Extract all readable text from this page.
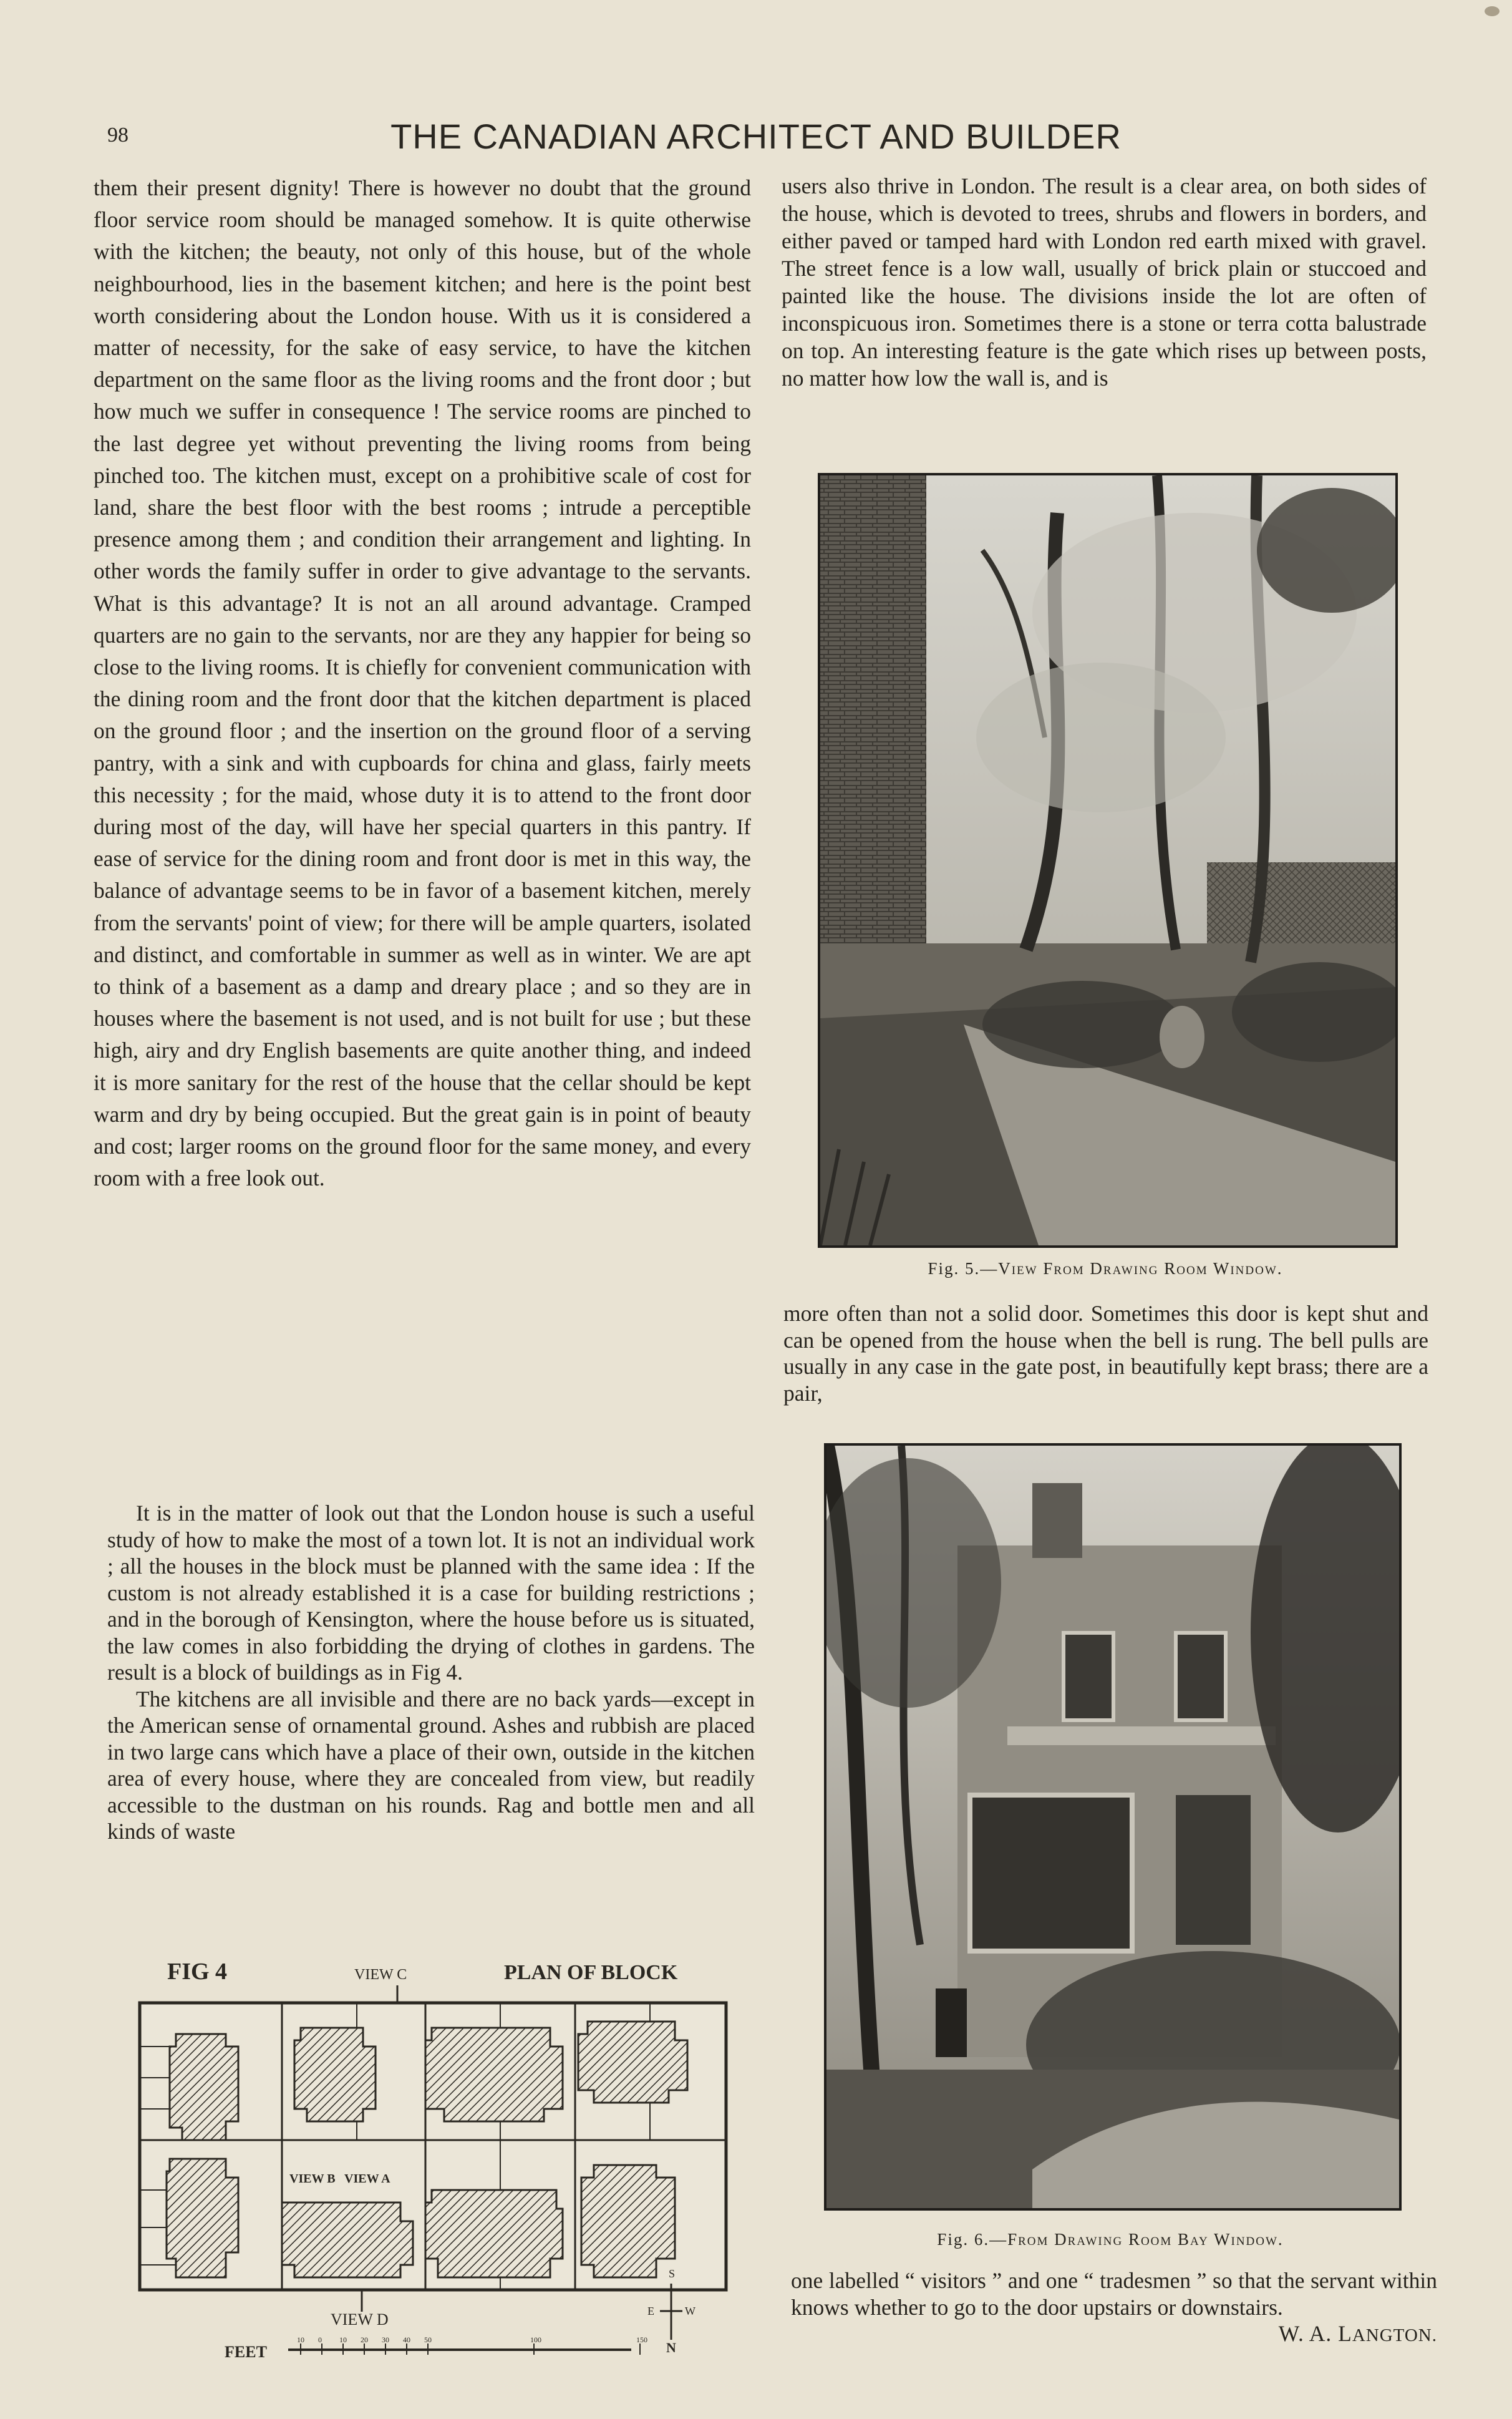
98	THE CANADIAN ARCHITECT AND BUILDER

them their present dignity! There is however no doubt that the ground floor service room should be managed somehow. It is quite otherwise with the kitchen; the beauty, not only of this house, but of the whole neighbourhood, lies in the basement kitchen; and here is the point best worth considering about the London house. With us it is considered a matter of necessity, for the sake of easy service, to have the kitchen department on the same floor as the living rooms and the front door ; but how much we suffer in consequence ! The service rooms are pinched to the last degree yet without preventing the living rooms from being pinched too. The kitchen must, except on a prohibitive scale of cost for land, share the best floor with the best rooms ; intrude a perceptible presence among them ; and condition their arrangement and lighting. In other words the family suffer in order to give advantage to the servants. What is this advantage? It is not an all around advantage. Cramped quarters are no gain to the servants, nor are they any happier for being so close to the living rooms. It is chiefly for convenient communication with the dining room and the front door that the kitchen department is placed on the ground floor ; and the insertion on the ground floor of a serving pantry, with a sink and with cupboards for china and glass, fairly meets this necessity ; for the maid, whose duty it is to attend to the front door during most of the day, will have her special quarters in this pantry. If ease of service for the dining room and front door is met in this way, the balance of advantage seems to be in favor of a basement kitchen, merely from the servants' point of view; for there will be ample quarters, isolated and distinct, and comfortable in summer as well as in winter. We are apt to think of a basement as a damp and dreary place ; and so they are in houses where the basement is not used, and is not built for use ; but these high, airy and dry English basements are quite another thing, and indeed it is more sanitary for the rest of the house that the cellar should be kept warm and dry by being occupied. But the great gain is in point of beauty and cost; larger rooms on the ground floor for the same money, and every room with a free look out.

It is in the matter of look out that the London house is such a useful study of how to make the most of a town lot. It is not an individual work ; all the houses in the block must be planned with the same idea : If the custom is not already established it is a case for building restrictions ; and in the borough of Kensington, where the house before us is situated, the law comes in also forbidding the drying of clothes in gardens. The result is a block of buildings as in Fig 4.

The kitchens are all invisible and there are no back yards—except in the American sense of ornamental ground. Ashes and rubbish are placed in two large cans which have a place of their own, outside in the kitchen area of every house, where they are concealed from view, but readily accessible to the dustman on his rounds. Rag and bottle men and all kinds of waste

users also thrive in London. The result is a clear area, on both sides of the house, which is devoted to trees, shrubs and flowers in borders, and either paved or tamped hard with London red earth mixed with gravel. The street fence is a low wall, usually of brick plain or stuccoed and painted like the house. The divisions inside the lot are often of inconspicuous iron. Sometimes there is a stone or terra cotta balustrade on top. An interesting feature is the gate which rises up between posts, no matter how low the wall is, and is

Fig. 5.—View From Drawing Room Window.

more often than not a solid door. Sometimes this door is kept shut and can be opened from the house when the bell is rung. The bell pulls are usually in any case in the gate post, in beautifully kept brass; there are a pair,

Fig. 6.—From Drawing Room Bay Window.
one labelled “ visitors ” and one “ tradesmen ” so that the servant within knows whether to go to the door upstairs or downstairs.
W. A. LANGTON.
FIG 4	VIEW C	PLAN OF BLOCK
VIEW B VIEW A
VIEW D
S
E	W
N
FEET
10 0 10 20 30 40 50	100	150
